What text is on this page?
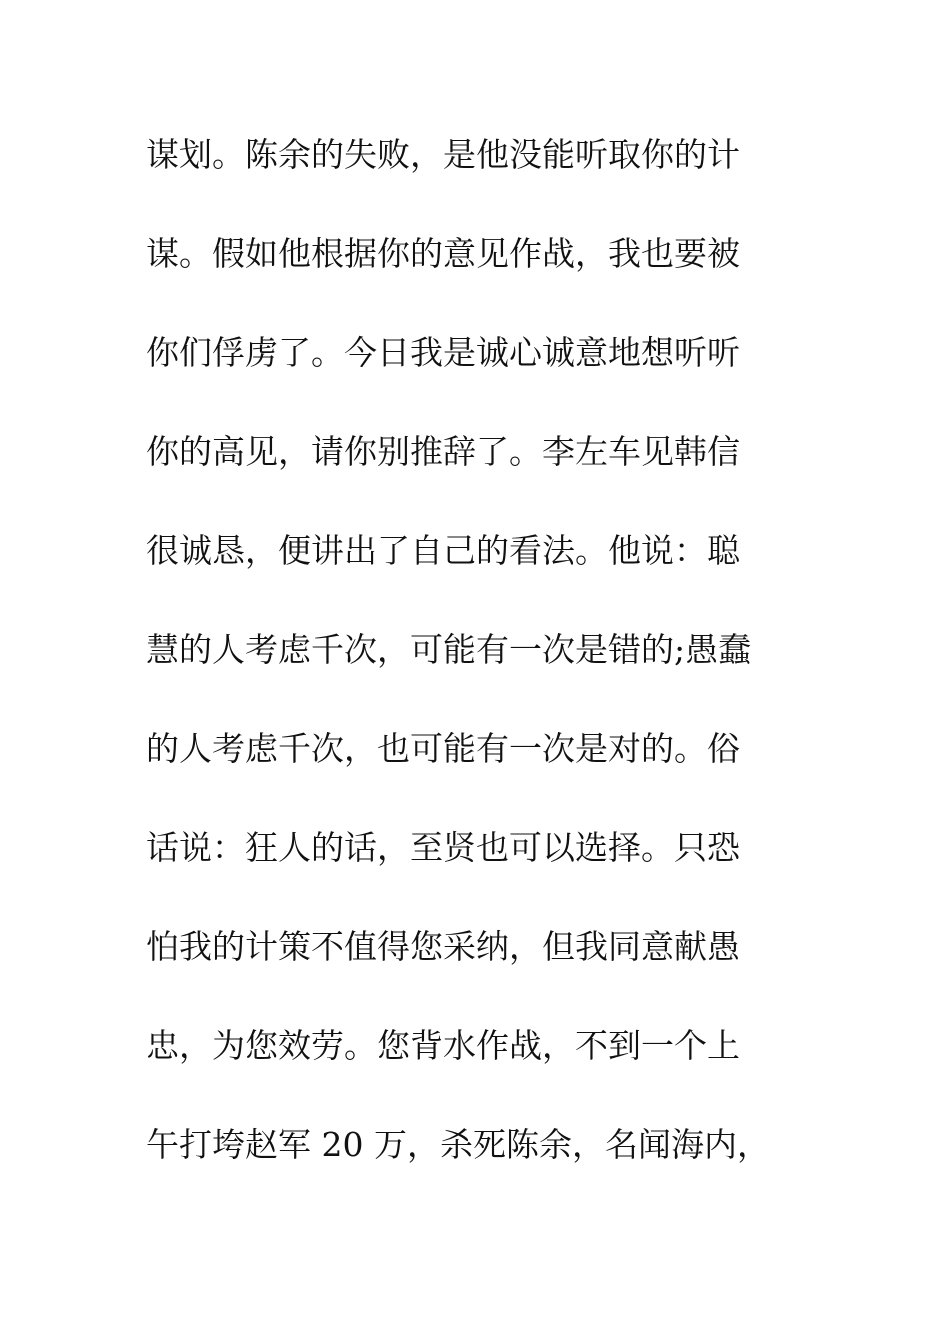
谋划。陈余的失败，是他没能听取你的计
谋。假如他根据你的意见作战，我也要被
你们俘虏了。今日我是诚心诚意地想听听
你的高见，请你别推辞了。李左车见韩信
很诚恳，便讲出了自己的看法。他说：聪
慧的人考虑千次，可能有一次是错的;愚蠢
的人考虑千次，也可能有一次是对的。俗
话说：狂人的话，至贤也可以选择。只恐
怕我的计策不值得您采纳，但我同意献愚
忠，为您效劳。您背水作战，不到一个上
午打垮赵军 20 万，杀死陈余，名闻海内，
